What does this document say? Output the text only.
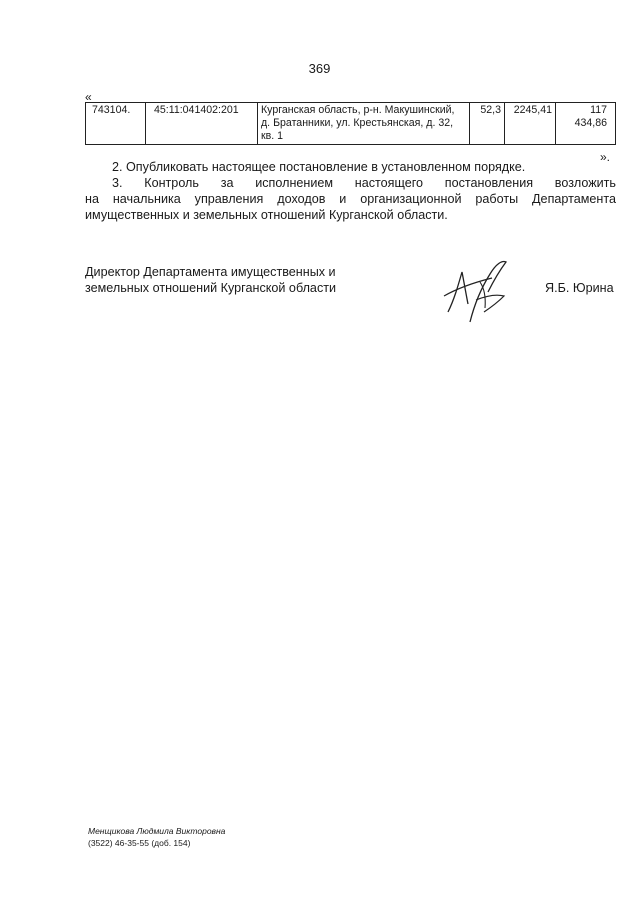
369
«
743104.	45:11:041402:201	Курганская область, р-н. Макушинский, д. Братанники, ул. Крестьянская, д. 32, кв. 1	52,3	2245,41	117 434,86
».
2. Опубликовать настоящее постановление в установленном порядке.
3. Контроль за исполнением настоящего постановления возложить
на начальника управления доходов и организационной работы Департамента
имущественных и земельных отношений Курганской области.
Директор Департамента имущественных и
земельных отношений Курганской области	Я.Б. Юрина
Менщикова Людмила Викторовна
(3522) 46-35-55 (доб. 154)
